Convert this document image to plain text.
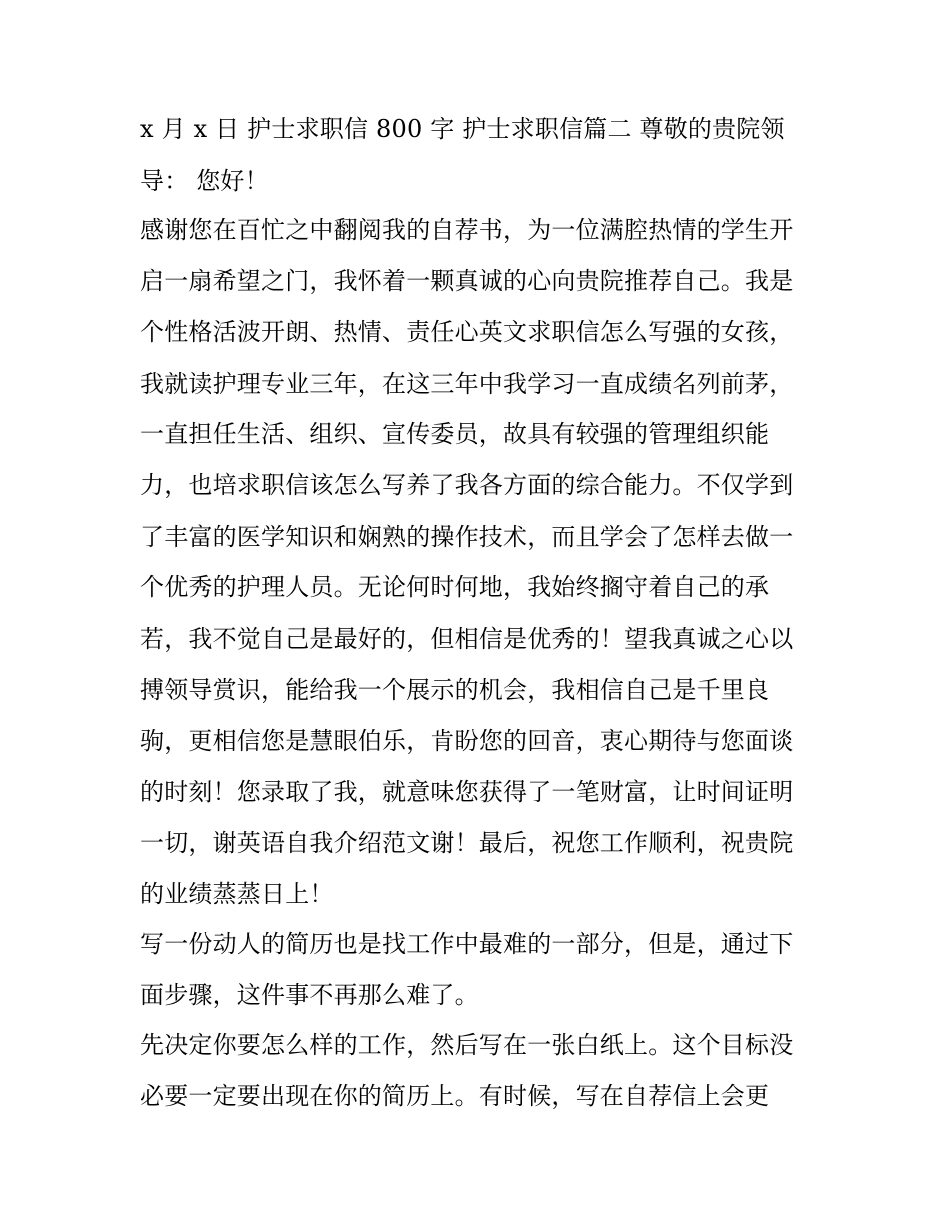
x 月 x 日 护士求职信 800 字 护士求职信篇二 尊敬的贵院领
导： 您好！
感谢您在百忙之中翻阅我的自荐书，为一位满腔热情的学生开
启一扇希望之门，我怀着一颗真诚的心向贵院推荐自己。我是
个性格活波开朗、热情、责任心英文求职信怎么写强的女孩，
我就读护理专业三年，在这三年中我学习一直成绩名列前茅，
一直担任生活、组织、宣传委员，故具有较强的管理组织能
力，也培求职信该怎么写养了我各方面的综合能力。不仅学到
了丰富的医学知识和娴熟的操作技术，而且学会了怎样去做一
个优秀的护理人员。无论何时何地，我始终搁守着自己的承
若，我不觉自己是最好的，但相信是优秀的！望我真诚之心以
搏领导赏识，能给我一个展示的机会，我相信自己是千里良
驹，更相信您是慧眼伯乐，肯盼您的回音，衷心期待与您面谈
的时刻！您录取了我，就意味您获得了一笔财富，让时间证明
一切，谢英语自我介绍范文谢！最后，祝您工作顺利，祝贵院
的业绩蒸蒸日上！
写一份动人的简历也是找工作中最难的一部分，但是，通过下
面步骤，这件事不再那么难了。
先决定你要怎么样的工作，然后写在一张白纸上。这个目标没
必要一定要出现在你的简历上。有时候，写在自荐信上会更
